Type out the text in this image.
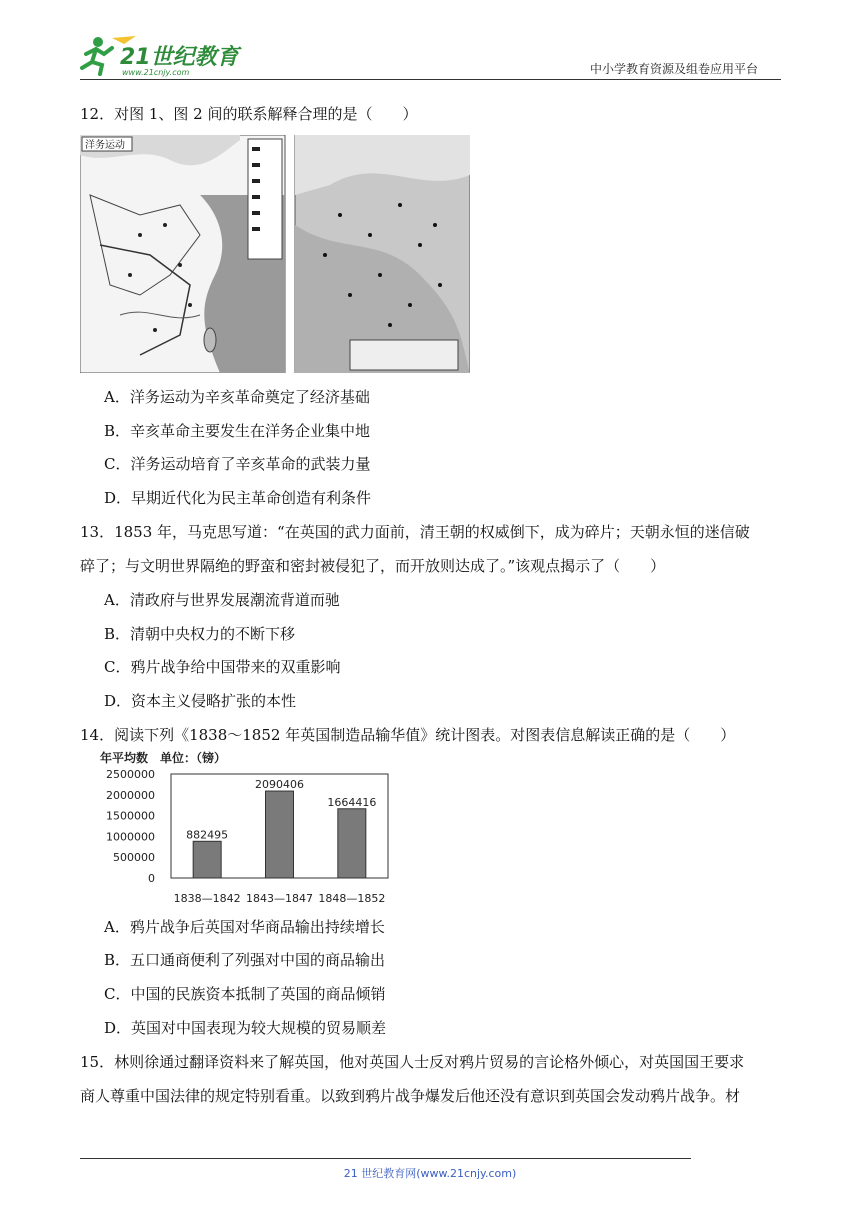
21世纪教育
www.21cnjy.com	中小学教育资源及组卷应用平台
12．对图 1、图 2 间的联系解释合理的是（　　）
洋务运动
A．洋务运动为辛亥革命奠定了经济基础
B．辛亥革命主要发生在洋务企业集中地
C．洋务运动培育了辛亥革命的武装力量
D．早期近代化为民主革命创造有利条件
13．1853 年，马克思写道：“在英国的武力面前，清王朝的权威倒下，成为碎片；天朝永恒的迷信破
碎了；与文明世界隔绝的野蛮和密封被侵犯了，而开放则达成了。”该观点揭示了（　　）
A．清政府与世界发展潮流背道而驰
B．清朝中央权力的不断下移
C．鸦片战争给中国带来的双重影响
D．资本主义侵略扩张的本性
14．阅读下列《1838～1852 年英国制造品输华值》统计图表。对图表信息解读正确的是（　　）
年平均数　单位：（镑）
2500000
2000000
1500000
1000000
500000
0
882495
2090406
1664416
1838—1842 1843—1847 1848—1852
A．鸦片战争后英国对华商品输出持续增长
B．五口通商便利了列强对中国的商品输出
C．中国的民族资本抵制了英国的商品倾销
D．英国对中国表现为较大规模的贸易顺差
15．林则徐通过翻译资料来了解英国，他对英国人士反对鸦片贸易的言论格外倾心，对英国国王要求
商人尊重中国法律的规定特别看重。以致到鸦片战争爆发后他还没有意识到英国会发动鸦片战争。材
21 世纪教育网(www.21cnjy.com)
